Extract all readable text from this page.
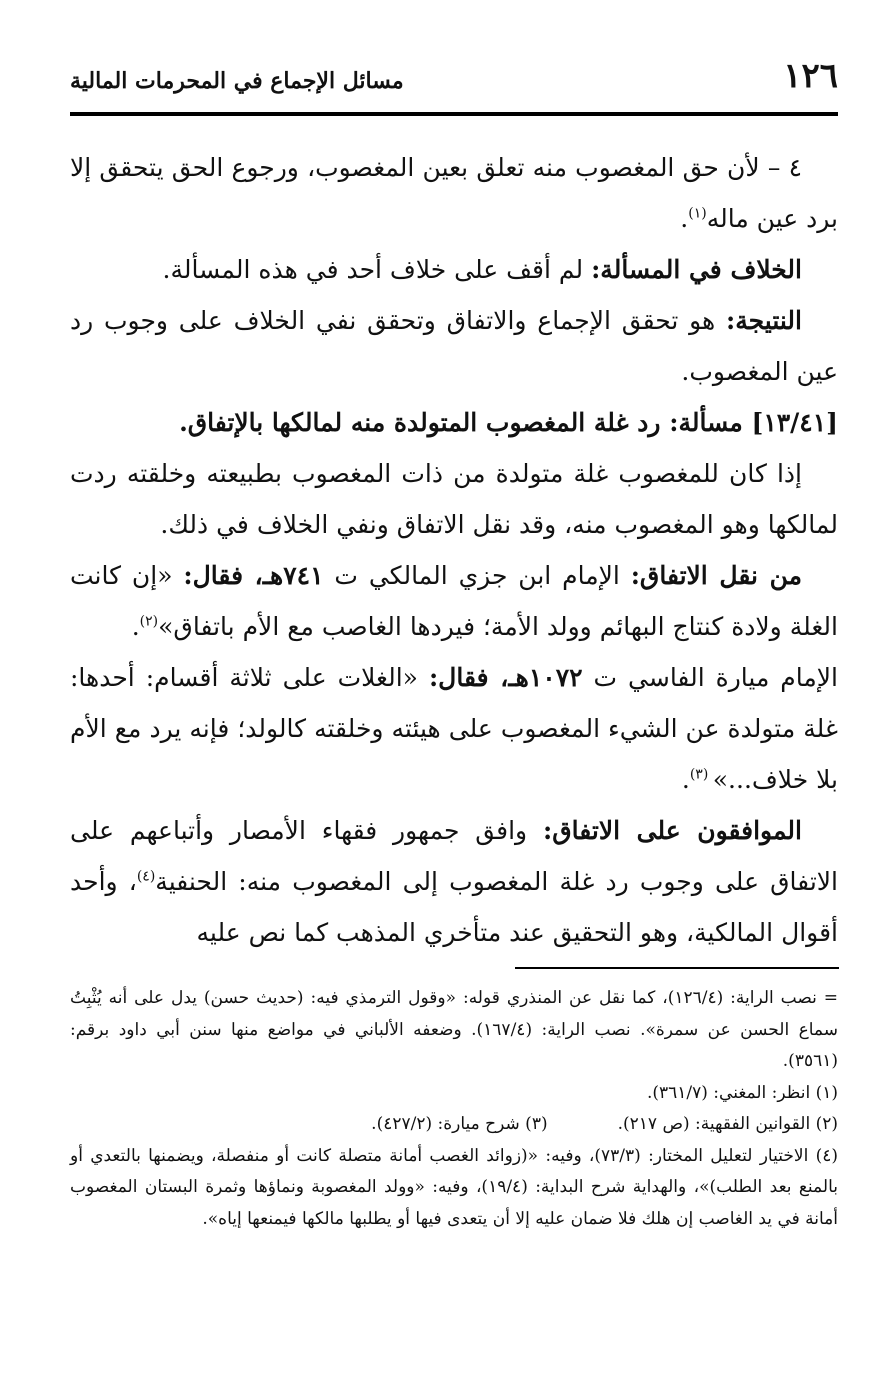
١٢٦
مسائل الإجماع في المحرمات المالية

٤ – لأن حق المغصوب منه تعلق بعين المغصوب، ورجوع الحق يتحقق إلا برد عين ماله$^{(١)}$.

الخلاف في المسألة: لم أقف على خلاف أحد في هذه المسألة.

النتيجة: هو تحقق الإجماع والاتفاق وتحقق نفي الخلاف على وجوب رد عين المغصوب.

[١٣/٤١] مسألة: رد غلة المغصوب المتولدة منه لمالكها بالإتفاق.

إذا كان للمغصوب غلة متولدة من ذات المغصوب بطبيعته وخلقته ردت لمالكها وهو المغصوب منه، وقد نقل الاتفاق ونفي الخلاف في ذلك.

من نقل الاتفاق: الإمام ابن جزي المالكي ت ٧٤١هـ، فقال: «إن كانت الغلة ولادة كنتاج البهائم وولد الأمة؛ فيردها الغاصب مع الأم باتفاق»$^{(٢)}$.

الإمام ميارة الفاسي ت ١٠٧٢هـ، فقال: «الغلات على ثلاثة أقسام: أحدها: غلة متولدة عن الشيء المغصوب على هيئته وخلقته كالولد؛ فإنه يرد مع الأم بلا خلاف...» $^{(٣)}$.

الموافقون على الاتفاق: وافق جمهور فقهاء الأمصار وأتباعهم على الاتفاق على وجوب رد غلة المغصوب إلى المغصوب منه: الحنفية$^{(٤)}$، وأحد أقوال المالكية، وهو التحقيق عند متأخري المذهب كما نص عليه

= نصب الراية: (١٢٦/٤)، كما نقل عن المنذري قوله: «وقول الترمذي فيه: (حديث حسن) يدل على أنه يُثْبِتُ سماع الحسن عن سمرة». نصب الراية: (١٦٧/٤). وضعفه الألباني في مواضع منها سنن أبي داود برقم: (٣٥٦١).

(١) انظر: المغني: (٣٦١/٧).

(٢) القوانين الفقهية: (ص ٢١٧).
(٣) شرح ميارة: (٤٢٧/٢).

(٤) الاختيار لتعليل المختار: (٧٣/٣)، وفيه: «(زوائد الغصب أمانة متصلة كانت أو منفصلة، ويضمنها بالتعدي أو بالمنع بعد الطلب)»، والهداية شرح البداية: (١٩/٤)، وفيه: «وولد المغصوبة ونماؤها وثمرة البستان المغصوب أمانة في يد الغاصب إن هلك فلا ضمان عليه إلا أن يتعدى فيها أو يطلبها مالكها فيمنعها إياه».
